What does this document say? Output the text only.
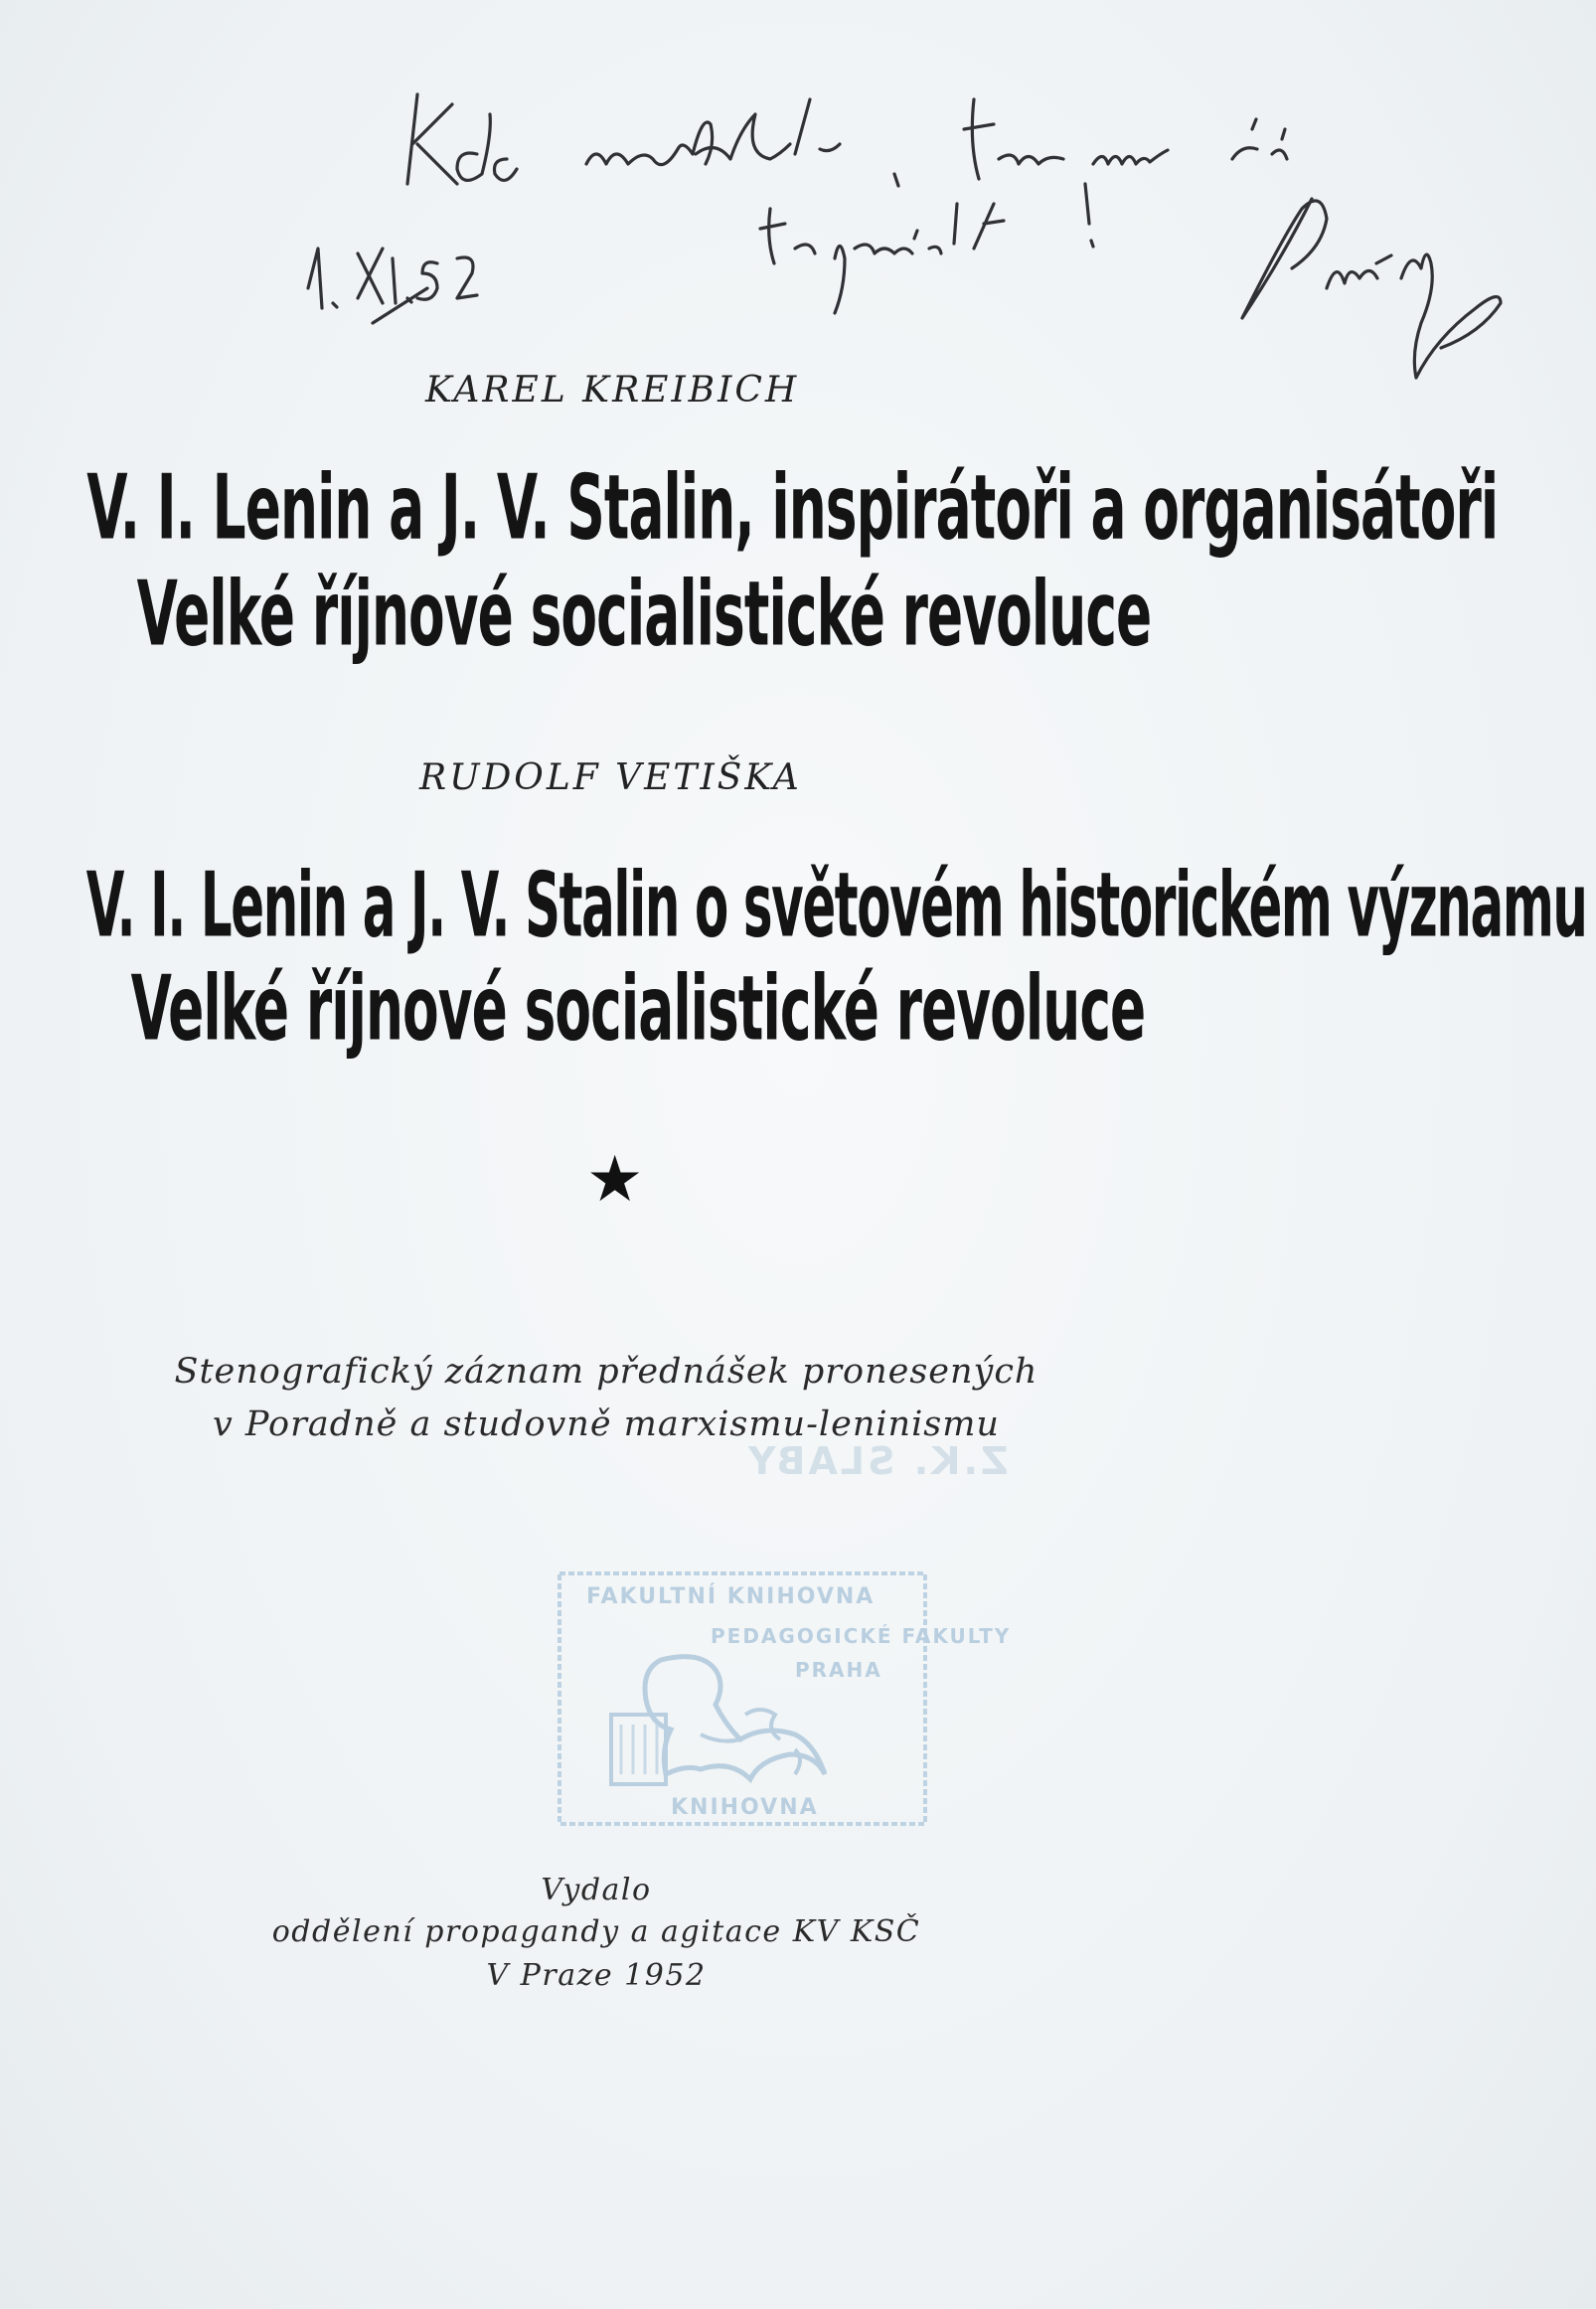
KAREL KREIBICH
V. I. Lenin a J. V. Stalin, inspirátoři a organisátoři
Velké říjnové socialistické revoluce
RUDOLF VETIŠKA
V. I. Lenin a J. V. Stalin o světovém historickém významu
Velké říjnové socialistické revoluce
★
Stenografický záznam přednášek pronesených
v Poradně a studovně marxismu-leninismu
Z.K. SLABY
FAKULTNÍ KNIHOVNA
PEDAGOGICKÉ FAKULTY
PRAHA
KNIHOVNA
Vydalo
oddělení propagandy a agitace KV KSČ
V Praze 1952
